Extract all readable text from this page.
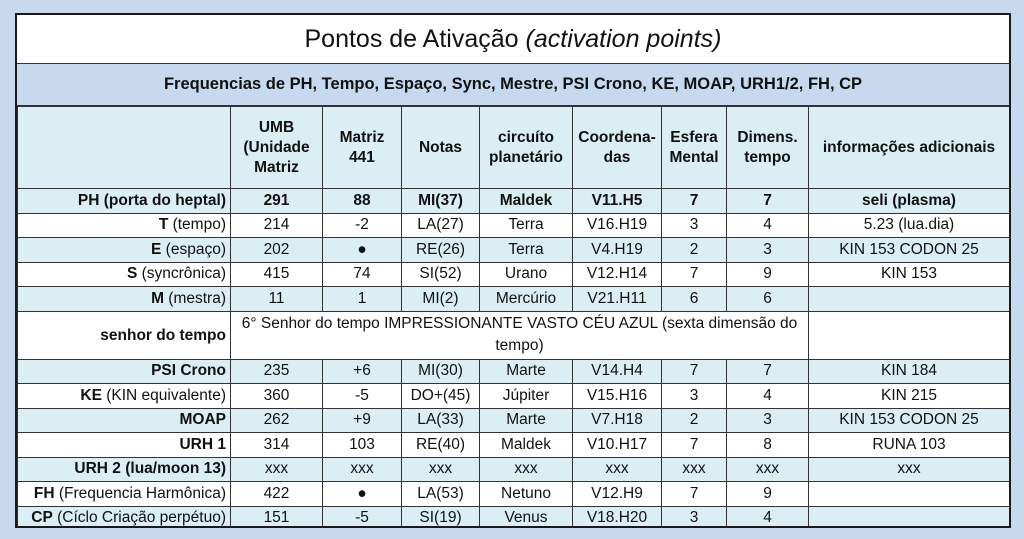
Pontos de Ativação (activation points)
Frequencias de PH, Tempo, Espaço, Sync, Mestre, PSI Crono, KE, MOAP, URH1/2, FH, CP
	UMB (Unidade Matriz	Matriz 441	Notas	circuíto planetário	Coordena-das	Esfera Mental	Dimens. tempo	informações adicionais
PH (porta do heptal)	291	88	MI(37)	Maldek	V11.H5	7	7	seli (plasma)
T (tempo)	214	-2	LA(27)	Terra	V16.H19	3	4	5.23 (lua.dia)
E (espaço)	202	●	RE(26)	Terra	V4.H19	2	3	KIN 153 CODON 25
S (syncrônica)	415	74	SI(52)	Urano	V12.H14	7	9	KIN 153
M (mestra)	11	1	MI(2)	Mercúrio	V21.H11	6	6	
senhor do tempo	6° Senhor do tempo IMPRESSIONANTE VASTO CÉU AZUL (sexta dimensão do tempo)							
PSI Crono	235	+6	MI(30)	Marte	V14.H4	7	7	KIN 184
KE (KIN equivalente)	360	-5	DO+(45)	Júpiter	V15.H16	3	4	KIN 215
MOAP	262	+9	LA(33)	Marte	V7.H18	2	3	KIN 153 CODON 25
URH 1	314	103	RE(40)	Maldek	V10.H17	7	8	RUNA 103
URH 2 (lua/moon 13)	xxx	xxx	xxx	xxx	xxx	xxx	xxx	xxx
FH (Frequencia Harmônica)	422	●	LA(53)	Netuno	V12.H9	7	9	
CP (Cíclo Criação perpétuo)	151	-5	SI(19)	Venus	V18.H20	3	4	
